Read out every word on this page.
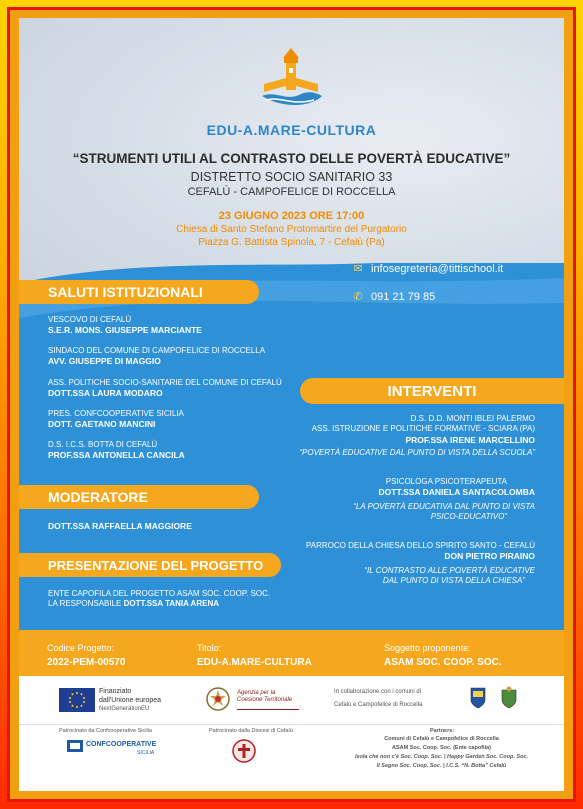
EDU-A.MARE-CULTURA
“STRUMENTI UTILI AL CONTRASTO DELLE POVERTÀ EDUCATIVE”
DISTRETTO SOCIO SANITARIO 33
CEFALÙ - CAMPOFELICE DI ROCCELLA
23 GIUGNO 2023 ORE 17:00
Chiesa di Santo Stefano Protomartire del Purgatorio
Piazza G. Battista Spinola, 7 - Cefalù (Pa)
✉ infosegreteria@tittischool.it
✆ 091 21 79 85
SALUTI ISTITUZIONALI
VESCOVO DI CEFALÙ
S.E.R. MONS. GIUSEPPE MARCIANTE
SINDACO DEL COMUNE DI CAMPOFELICE DI ROCCELLA
AVV. GIUSEPPE DI MAGGIO
ASS. POLITICHE SOCIO-SANITARIE DEL COMUNE DI CEFALÙ
DOTT.SSA LAURA MODARO
PRES. CONFCOOPERATIVE SICILIA
DOTT. GAETANO MANCINI
D.S. I.C.S. BOTTA DI CEFALÙ
PROF.SSA ANTONELLA CANCILA
MODERATORE
DOTT.SSA RAFFAELLA MAGGIORE
PRESENTAZIONE DEL PROGETTO
ENTE CAPOFILA DEL PROGETTO ASAM SOC. COOP. SOC.
LA RESPONSABILE DOTT.SSA TANIA ARENA
INTERVENTI
D.S. D.D. MONTI IBLEI PALERMO
ASS. ISTRUZIONE E POLITICHE FORMATIVE - SCIARA (PA)
PROF.SSA IRENE MARCELLINO
“POVERTÀ EDUCATIVE DAL PUNTO DI VISTA DELLA SCUOLA”
PSICOLOGA PSICOTERAPEUTA
DOTT.SSA DANIELA SANTACOLOMBA
“LA POVERTÀ EDUCATIVA DAL PUNTO DI VISTA
PSICO-EDUCATIVO”
PARROCO DELLA CHIESA DELLO SPIRITO SANTO - CEFALÙ
DON PIETRO PIRAINO
“IL CONTRASTO ALLE POVERTÀ EDUCATIVE
DAL PUNTO DI VISTA DELLA CHIESA”
Codice Progetto:
2022-PEM-00570
Titolo:
EDU-A.MARE-CULTURA
Soggetto proponente:
ASAM SOC. COOP. SOC.
Finanziato
dall'Unione europea
NextGenerationEU
Agenzia per la Coesione Territoriale
In collaborazione con i comuni di
Cefalù e Campofelice di Roccella
Patrocinato da Confcooperative Sicilia
CONFCOOPERATIVE
SICILIA
Patrocinato dalla Diocesi di Cefalù	Partners:
Comuni di Cefalù e Campofelice di Roccella
ASAM Soc. Coop. Soc. (Ente capofila)
Isola che non c'è Soc. Coop. Soc. | Happy Garden Soc. Coop. Soc.
Il Segno Soc. Coop. Soc. | I.C.S. “N. Botta” Cefalù
